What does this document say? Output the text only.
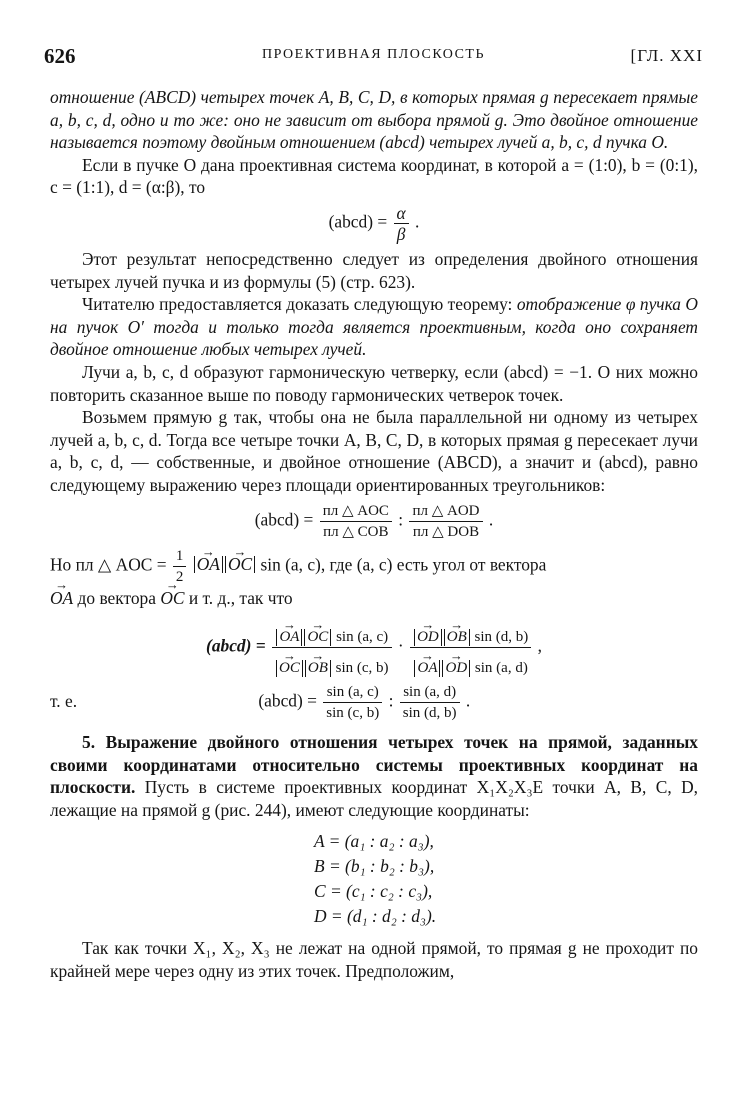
626	ПРОЕКТИВНАЯ ПЛОСКОСТЬ	[ГЛ. XXI

отношение (ABCD) четырех точек A, B, C, D, в которых прямая g пересекает прямые a, b, c, d, одно и то же: оно не зависит от выбора прямой g. Это двойное отношение называется поэтому двойным отношением (abcd) четырех лучей a, b, c, d пучка O.

Если в пучке O дана проективная система координат, в которой a = (1:0), b = (0:1), c = (1:1), d = (α:β), то

(abcd) = $\frac{\alpha}{\beta}$ .

Этот результат непосредственно следует из определения двойного отношения четырех лучей пучка и из формулы (5) (стр. 623).

Читателю предоставляется доказать следующую теорему: отображение φ пучка O на пучок O′ тогда и только тогда является проективным, когда оно сохраняет двойное отношение любых четырех лучей.

Лучи a, b, c, d образуют гармоническую четверку, если (abcd) = −1. О них можно повторить сказанное выше по поводу гармонических четверок точек.

Возьмем прямую g так, чтобы она не была параллельной ни одному из четырех лучей a, b, c, d. Тогда все четыре точки A, B, C, D, в которых прямая g пересекает лучи a, b, c, d, — собственные, и двойное отношение (ABCD), а значит и (abcd), равно следующему выражению через площади ориентированных треугольников:

(abcd) = $\frac{\text{пл △ AOC}}{\text{пл △ COB}}$ : $\frac{\text{пл △ AOD}}{\text{пл △ DOB}}$ .

Но пл △ AOC = $\frac{1}{2}$ → OA → OC sin (a, c), где (a, c) есть угол от вектора
→ OA до вектора → OC и т. д., так что

(abcd) = → OA → OC sin (a, c)
→ OC → OB sin (c, b) · → OD → OB sin (d, b)
→ OA → OD sin (a, d) ,
т. е.	(abcd) = $\frac{\sin (a, c)}{\sin (c, b)}$ : $\frac{\sin (a, d)}{\sin (d, b)}$ .

5. Выражение двойного отношения четырех точек на прямой, заданных своими координатами относительно системы проективных координат на плоскости. Пусть в системе проективных координат X₁X₂X₃E точки A, B, C, D, лежащие на прямой g (рис. 244), имеют следующие координаты:

A = (a₁ : a₂ : a₃),
B = (b₁ : b₂ : b₃),
C = (c₁ : c₂ : c₃),
D = (d₁ : d₂ : d₃).

Так как точки X₁, X₂, X₃ не лежат на одной прямой, то прямая g не проходит по крайней мере через одну из этих точек. Предположим,
